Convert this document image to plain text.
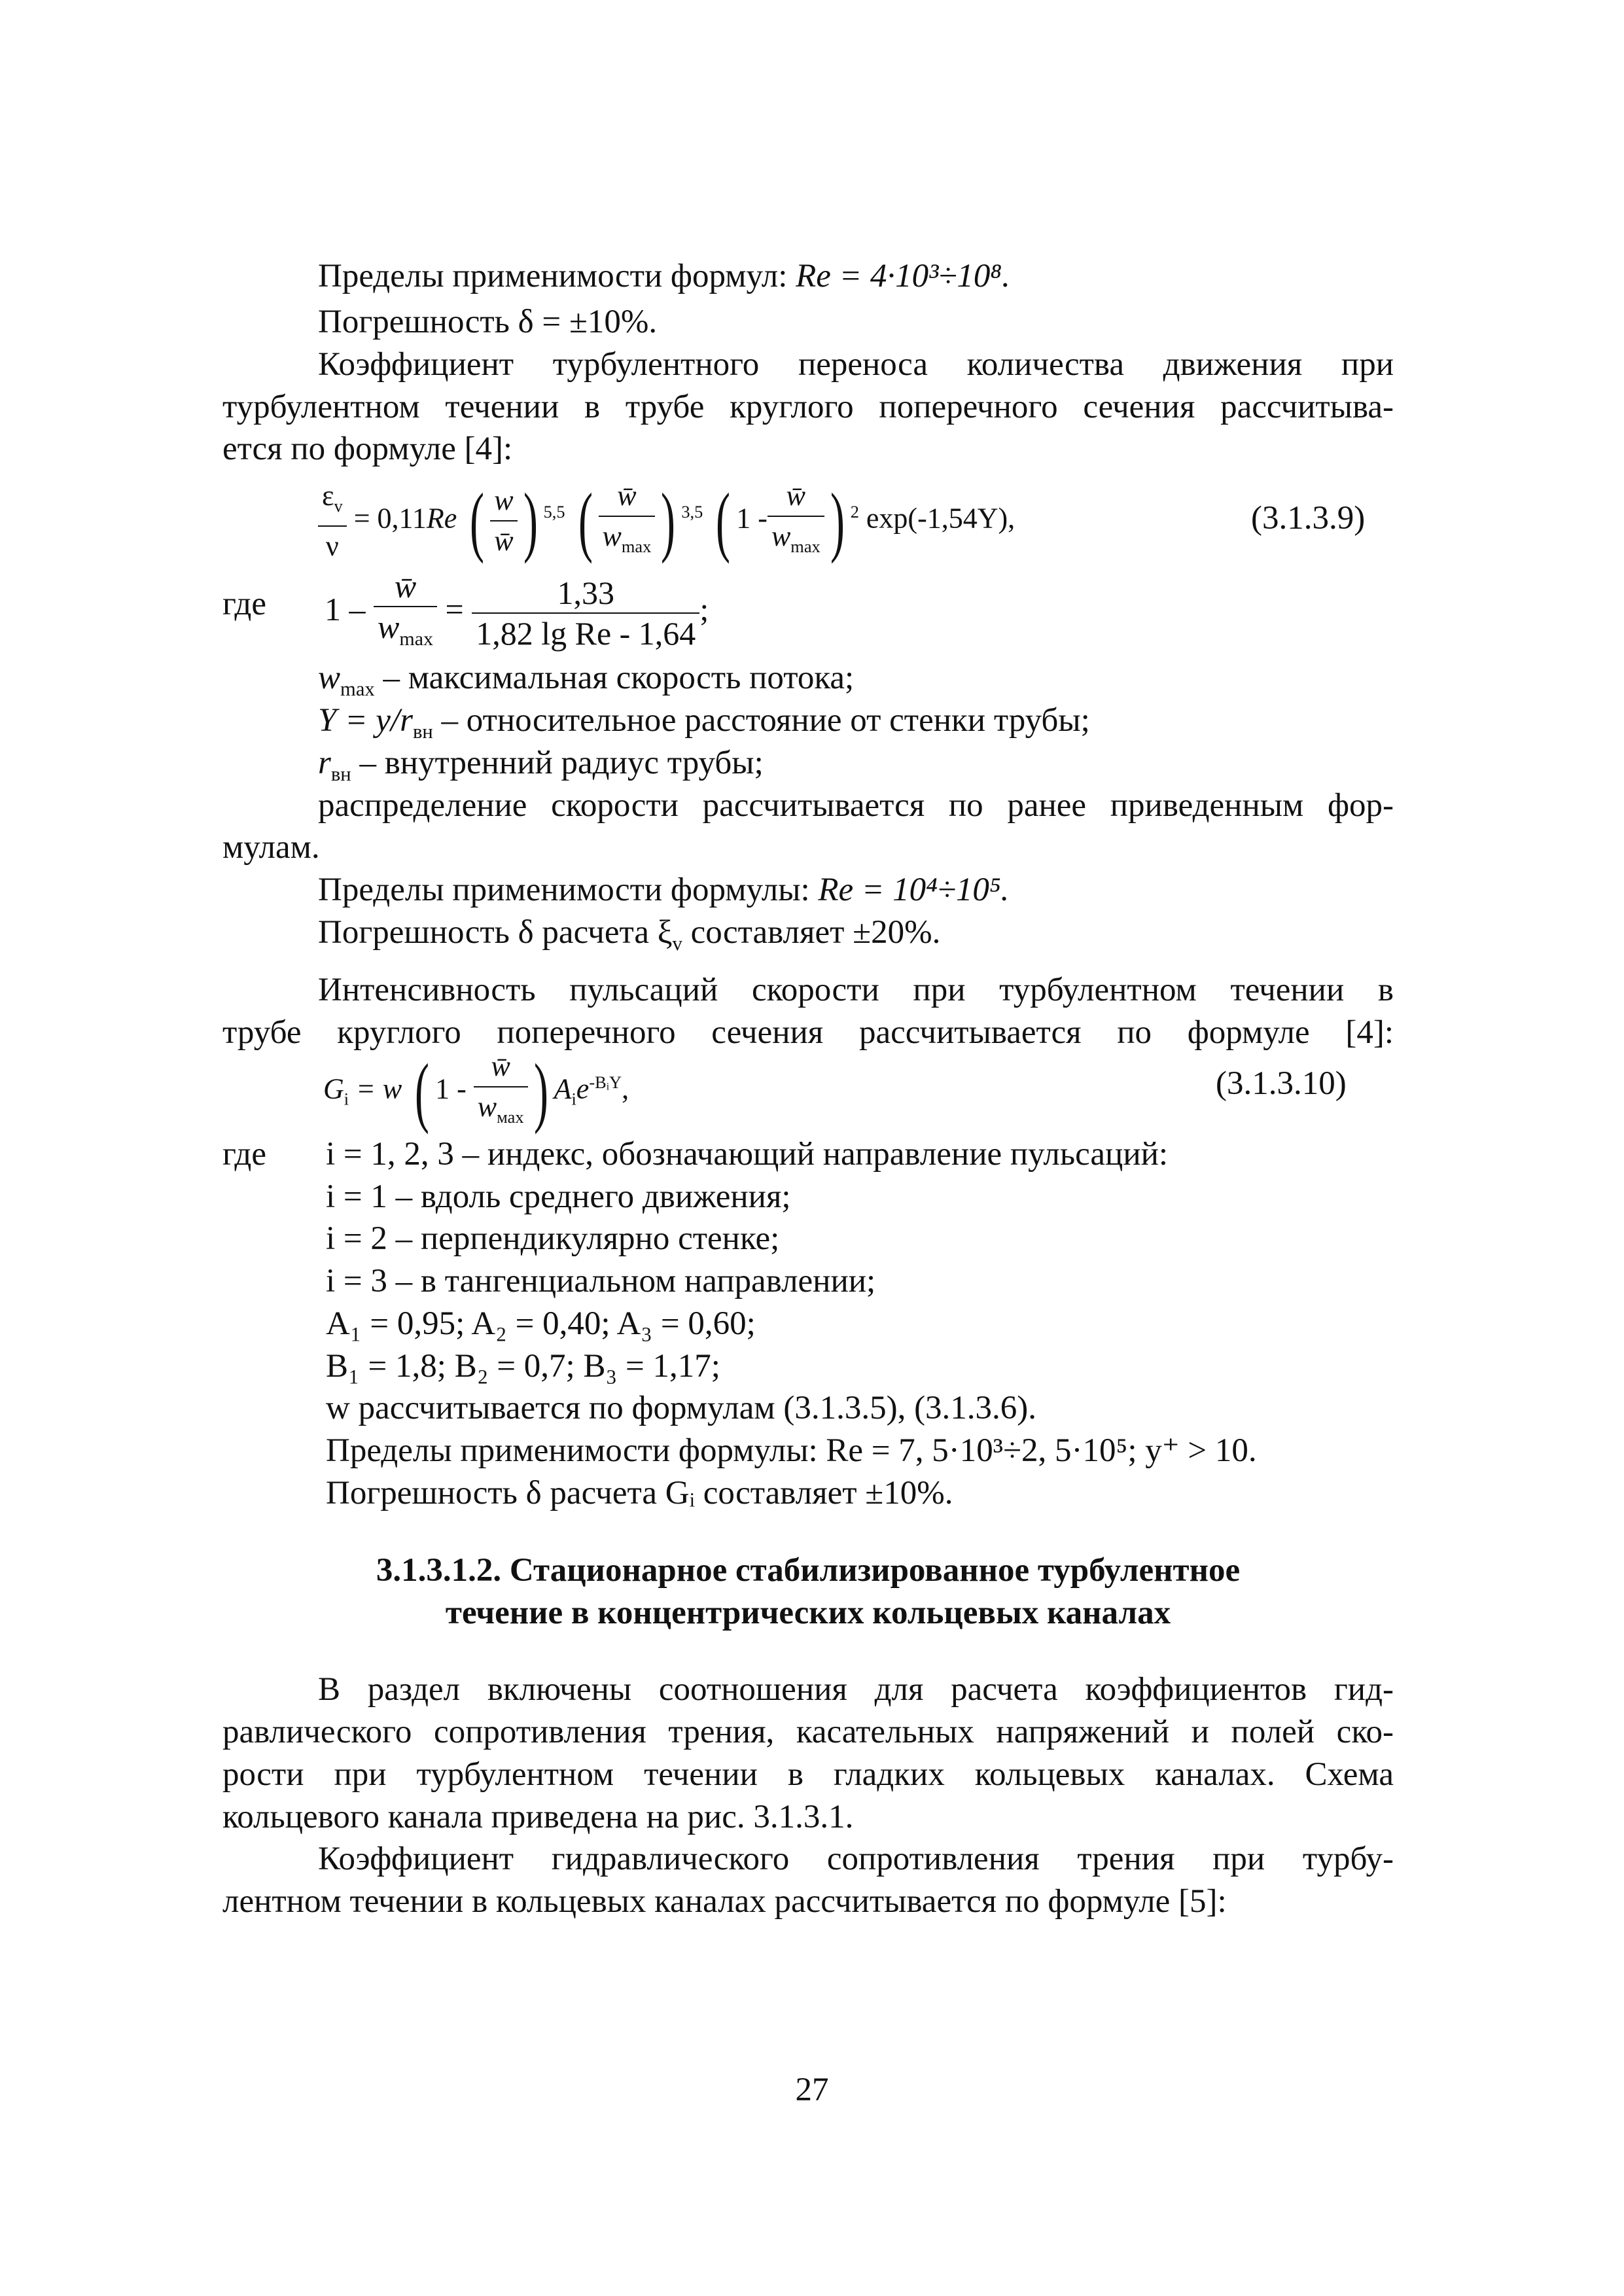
Пределы применимости формул: Re = 4·10³÷10⁸.
Погрешность δ = ±10%.
Коэффициент турбулентного переноса количества движения при
турбулентном течении в трубе круглого поперечного сечения рассчитыва-
ется по формуле [4]:
$\frac{\varepsilon_v}{\nu} = 0,11Re$ ( $\frac{w}{w̄}$ ) $^{5,5}$ ( $\frac{w̄}{w_{max}}$ ) $^{3,5}$ ( $1 - \frac{w̄}{w_{max}}$ ) $^2$ exp(-1,54Y),	(3.1.3.9)
где	$1 - \frac{w̄}{w_{max}} = \frac{1,33}{\text{1,82 lg Re - 1,64}}$ ;
$w_{max}$ – максимальная скорость потока;
$Y = y/r_{вн}$ – относительное расстояние от стенки трубы;
$r_{вн}$ – внутренний радиус трубы;
распределение скорости рассчитывается по ранее приведенным фор-
мулам.
Пределы применимости формулы: Re = 10⁴÷10⁵.
Погрешность δ расчета $\xi_v$ составляет ±20%.
Интенсивность пульсаций скорости при турбулентном течении в
трубе круглого поперечного сечения рассчитывается по формуле [4]:
$G_i = w$ ( $1 - \frac{w̄}{w_{мах}}$ ) $A_ie^{-BᵢY}$,	(3.1.3.10)
где	i = 1, 2, 3 – индекс, обозначающий направление пульсаций:
i = 1 – вдоль среднего движения;
i = 2 – перпендикулярно стенке;
i = 3 – в тангенциальном направлении;
A₁ = 0,95; A₂ = 0,40; A₃ = 0,60;
B₁ = 1,8; B₂ = 0,7; B₃ = 1,17;
w рассчитывается по формулам (3.1.3.5), (3.1.3.6).
Пределы применимости формулы: Re = 7, 5·10³÷2, 5·10⁵; y⁺ > 10.
Погрешность δ расчета Gᵢ составляет ±10%.
3.1.3.1.2. Стационарное стабилизированное турбулентное
течение в концентрических кольцевых каналах
В раздел включены соотношения для расчета коэффициентов гид-
равлического сопротивления трения, касательных напряжений и полей ско-
рости при турбулентном течении в гладких кольцевых каналах. Схема
кольцевого канала приведена на рис. 3.1.3.1.
Коэффициент гидравлического сопротивления трения при турбу-
лентном течении в кольцевых каналах рассчитывается по формуле [5]:
27
